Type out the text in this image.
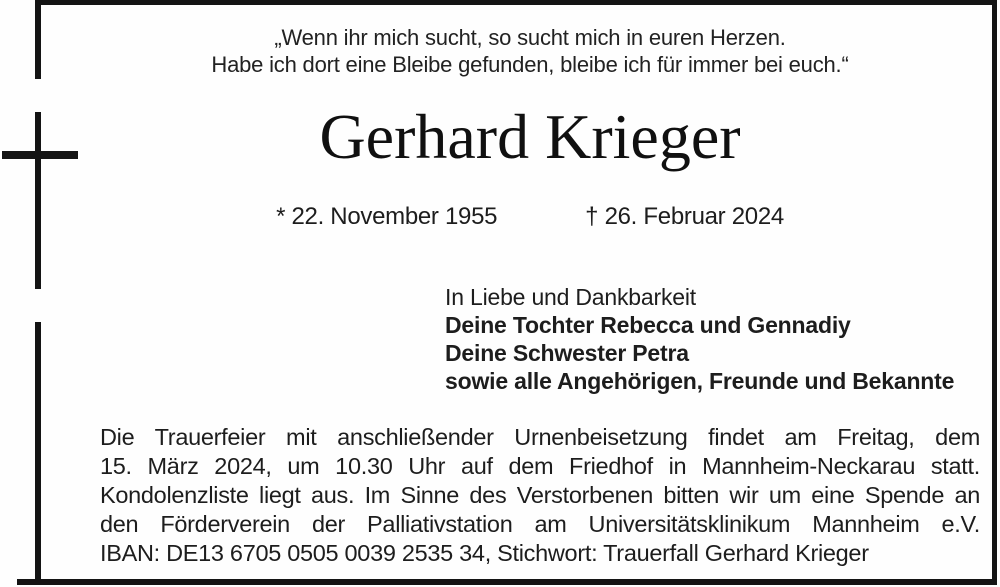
„Wenn ihr mich sucht, so sucht mich in euren Herzen.
Habe ich dort eine Bleibe gefunden, bleibe ich für immer bei euch.“
Gerhard Krieger
* 22. November 1955	† 26. Februar 2024
In Liebe und Dankbarkeit
Deine Tochter Rebecca und Gennadiy
Deine Schwester Petra
sowie alle Angehörigen, Freunde und Bekannte
Die Trauerfeier mit anschließender Urnenbeisetzung findet am Freitag, dem
15. März 2024, um 10.30 Uhr auf dem Friedhof in Mannheim-Neckarau statt.
Kondolenzliste liegt aus. Im Sinne des Verstorbenen bitten wir um eine Spende an
den Förderverein der Palliativstation am Universitätsklinikum Mannheim e.V.
IBAN: DE13 6705 0505 0039 2535 34, Stichwort: Trauerfall Gerhard Krieger
